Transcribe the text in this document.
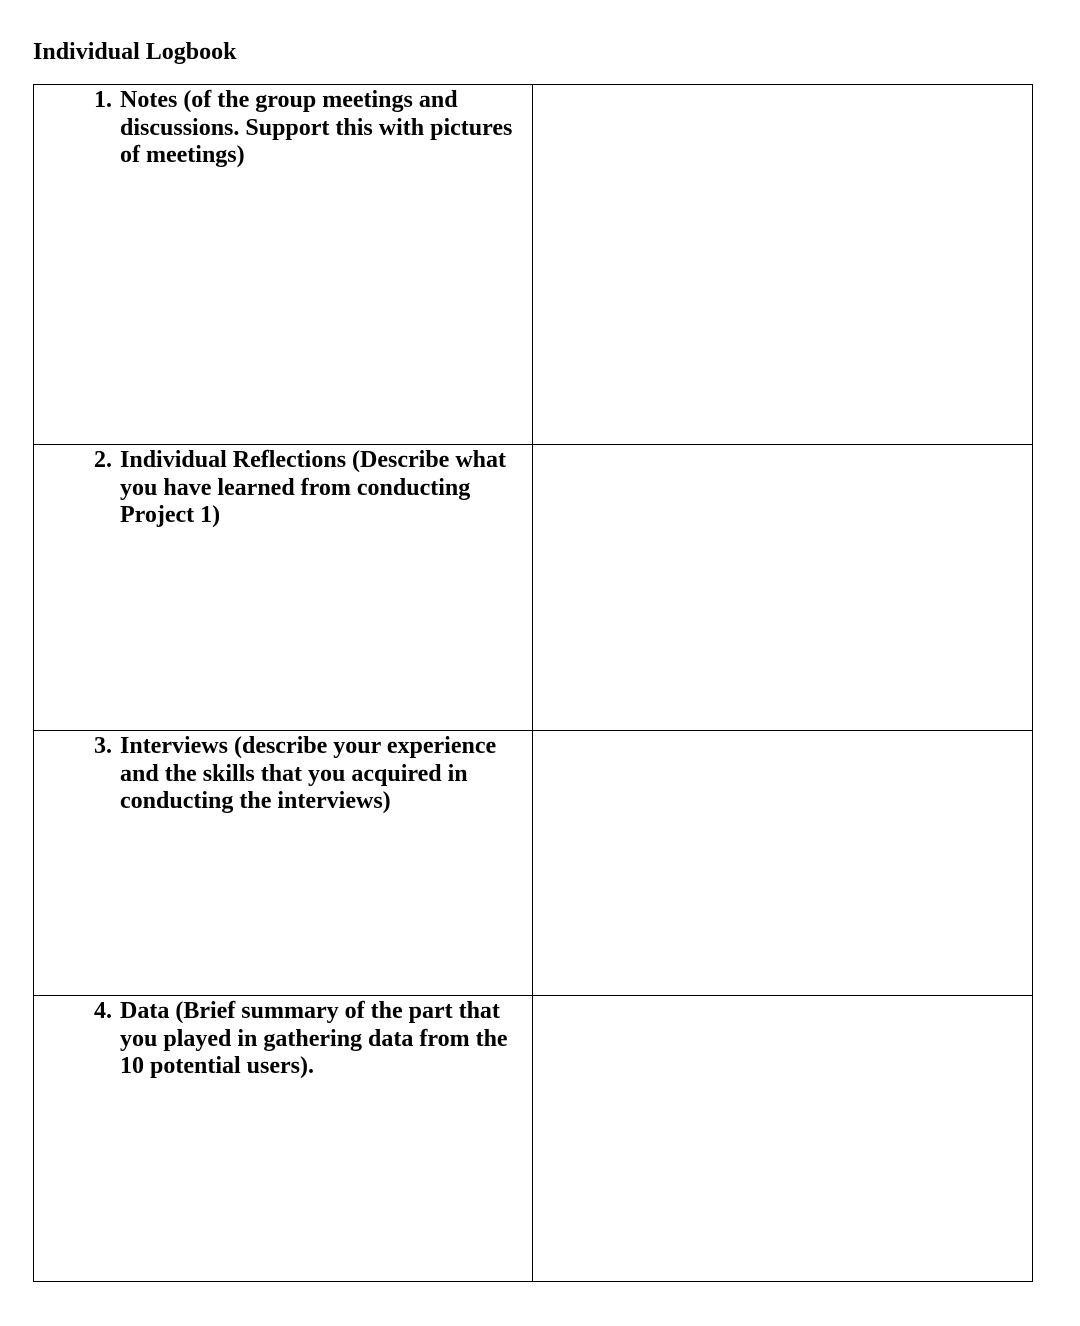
Individual Logbook
1. Notes (of the group meetings and discussions. Support this with pictures of meetings)	

2. Individual Reflections (Describe what you have learned from conducting Project 1)	

3. Interviews (describe your experience and the skills that you acquired in conducting the interviews)	

4. Data (Brief summary of the part that you played in gathering data from the 10 potential users).	
